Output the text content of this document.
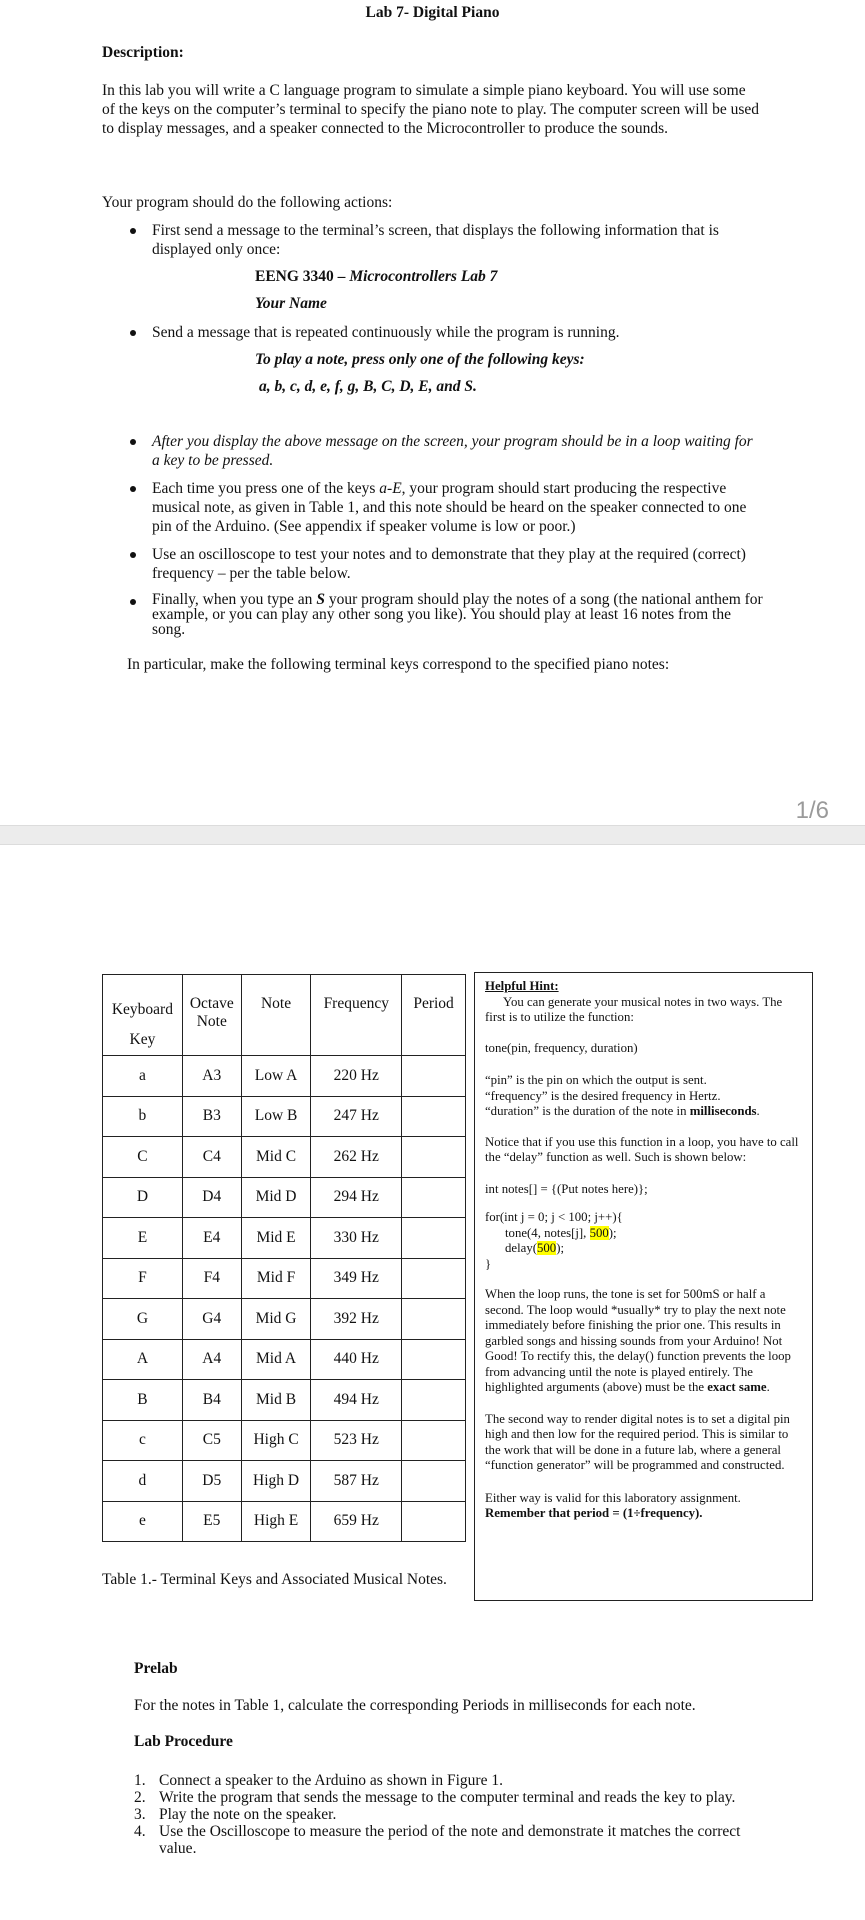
Lab 7- Digital Piano
Description:
In this lab you will write a C language program to simulate a simple piano keyboard. You will use some of the keys on the computer’s terminal to specify the piano note to play. The computer screen will be used to display messages, and a speaker connected to the Microcontroller to produce the sounds.
Your program should do the following actions:
First send a message to the terminal’s screen, that displays the following information that is displayed only once:
EENG 3340 – Microcontrollers Lab 7
Your Name
Send a message that is repeated continuously while the program is running.
To play a note, press only one of the following keys:
a, b, c, d, e, f, g, B, C, D, E, and S.
After you display the above message on the screen, your program should be in a loop waiting for a key to be pressed.
Each time you press one of the keys a-E, your program should start producing the respective musical note, as given in Table 1, and this note should be heard on the speaker connected to one pin of the Arduino. (See appendix if speaker volume is low or poor.)
Use an oscilloscope to test your notes and to demonstrate that they play at the required (correct) frequency – per the table below.
Finally, when you type an S your program should play the notes of a song (the national anthem for example, or you can play any other song you like). You should play at least 16 notes from the song.
In particular, make the following terminal keys correspond to the specified piano notes:
1/6
Keyboard
Key	Octave Note	Note	Frequency	Period
a	A3	Low A	220 Hz	
b	B3	Low B	247 Hz	
C	C4	Mid C	262 Hz	
D	D4	Mid D	294 Hz	
E	E4	Mid E	330 Hz	
F	F4	Mid F	349 Hz	
G	G4	Mid G	392 Hz	
A	A4	Mid A	440 Hz	
B	B4	Mid B	494 Hz	
c	C5	High C	523 Hz	
d	D5	High D	587 Hz	
e	E5	High E	659 Hz	
Table 1.- Terminal Keys and Associated Musical Notes.

Helpful Hint:

You can generate your musical notes in two ways. The first is to utilize the function:

tone(pin, frequency, duration)

“pin” is the pin on which the output is sent.

“frequency” is the desired frequency in Hertz.

“duration” is the duration of the note in milliseconds.

Notice that if you use this function in a loop, you have to call the “delay” function as well. Such is shown below:

int notes[] = {(Put notes here)};

for(int j = 0; j < 100; j++){

tone(4, notes[j], 500);

delay(500);

}

When the loop runs, the tone is set for 500mS or half a second. The loop would *usually* try to play the next note immediately before finishing the prior one. This results in garbled songs and hissing sounds from your Arduino! Not Good! To rectify this, the delay() function prevents the loop from advancing until the note is played entirely. The highlighted arguments (above) must be the exact same.

The second way to render digital notes is to set a digital pin high and then low for the required period. This is similar to the work that will be done in a future lab, where a general “function generator” will be programmed and constructed.

Either way is valid for this laboratory assignment.

Remember that period = (1÷frequency).

Prelab
For the notes in Table 1, calculate the corresponding Periods in milliseconds for each note.
Lab Procedure
1. Connect a speaker to the Arduino as shown in Figure 1.
2. Write the program that sends the message to the computer terminal and reads the key to play.
3. Play the note on the speaker.
4. Use the Oscilloscope to measure the period of the note and demonstrate it matches the correct value.
